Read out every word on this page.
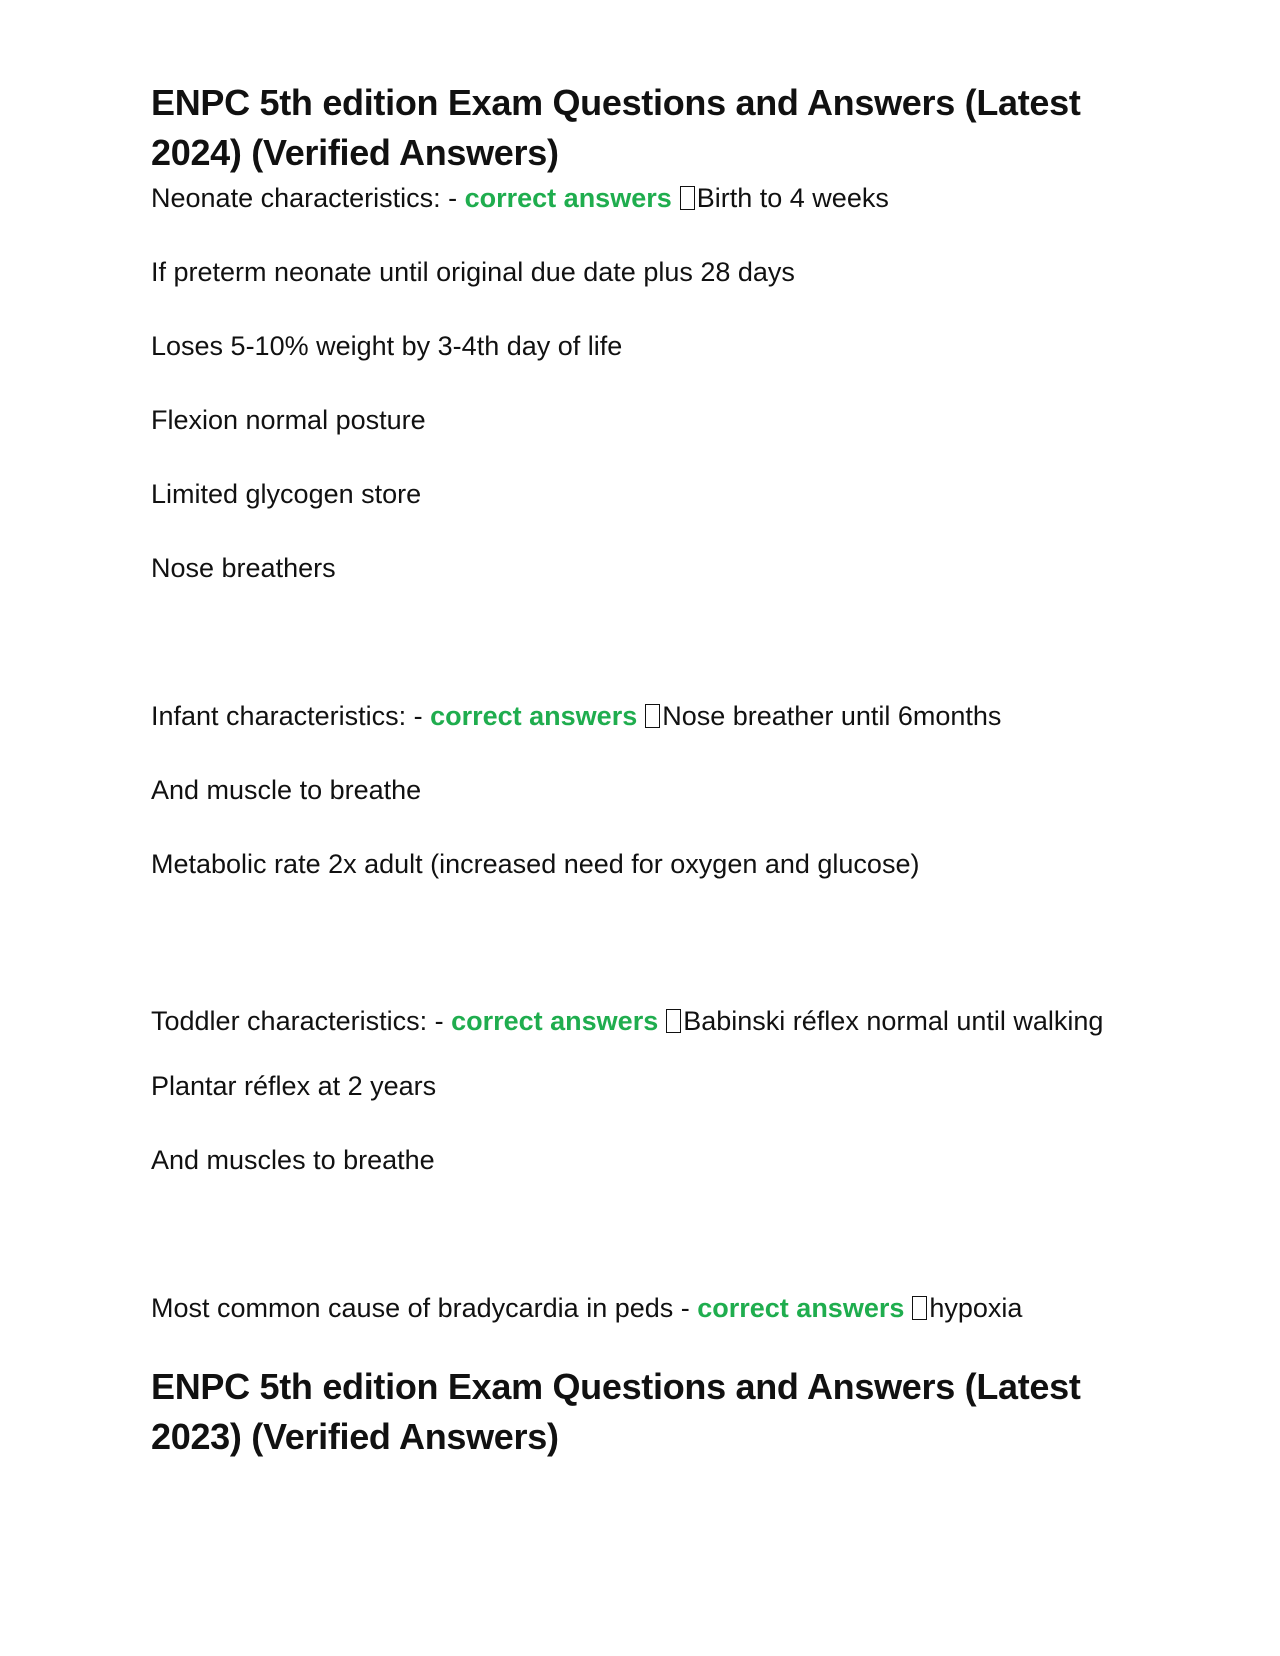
ENPC 5th edition Exam Questions and Answers (Latest 2024) (Verified Answers)

Neonate characteristics: - correct answers Birth to 4 weeks

If preterm neonate until original due date plus 28 days

Loses 5-10% weight by 3-4th day of life

Flexion normal posture

Limited glycogen store

Nose breathers

Infant characteristics: - correct answers Nose breather until 6months

And muscle to breathe

Metabolic rate 2x adult (increased need for oxygen and glucose)

Toddler characteristics: - correct answers Babinski réflex normal until walking

Plantar réflex at 2 years

And muscles to breathe

Most common cause of bradycardia in peds - correct answers hypoxia

ENPC 5th edition Exam Questions and Answers (Latest 2023) (Verified Answers)
